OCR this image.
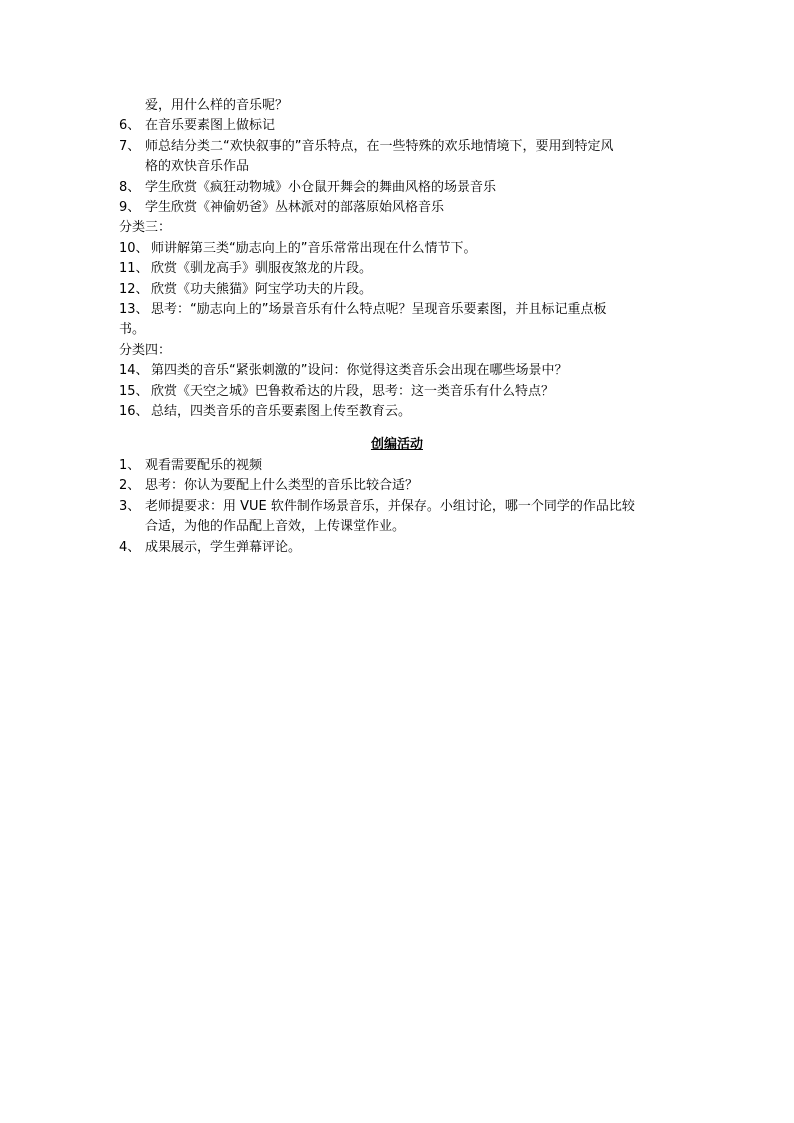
爱，用什么样的音乐呢？
6、 在音乐要素图上做标记
7、 师总结分类二“欢快叙事的”音乐特点，在一些特殊的欢乐地情境下，要用到特定风
格的欢快音乐作品
8、 学生欣赏《疯狂动物城》小仓鼠开舞会的舞曲风格的场景音乐
9、 学生欣赏《神偷奶爸》丛林派对的部落原始风格音乐
分类三：
10、 师讲解第三类“励志向上的”音乐常常出现在什么情节下。
11、 欣赏《驯龙高手》驯服夜煞龙的片段。
12、 欣赏《功夫熊猫》阿宝学功夫的片段。
13、 思考：“励志向上的”场景音乐有什么特点呢？呈现音乐要素图，并且标记重点板
书。
分类四：
14、 第四类的音乐“紧张刺激的”设问：你觉得这类音乐会出现在哪些场景中？
15、 欣赏《天空之城》巴鲁救希达的片段，思考：这一类音乐有什么特点？
16、 总结，四类音乐的音乐要素图上传至教育云。
创编活动
1、 观看需要配乐的视频
2、 思考：你认为要配上什么类型的音乐比较合适？
3、 老师提要求：用 VUE 软件制作场景音乐，并保存。小组讨论，哪一个同学的作品比较
合适，为他的作品配上音效，上传课堂作业。
4、 成果展示，学生弹幕评论。
